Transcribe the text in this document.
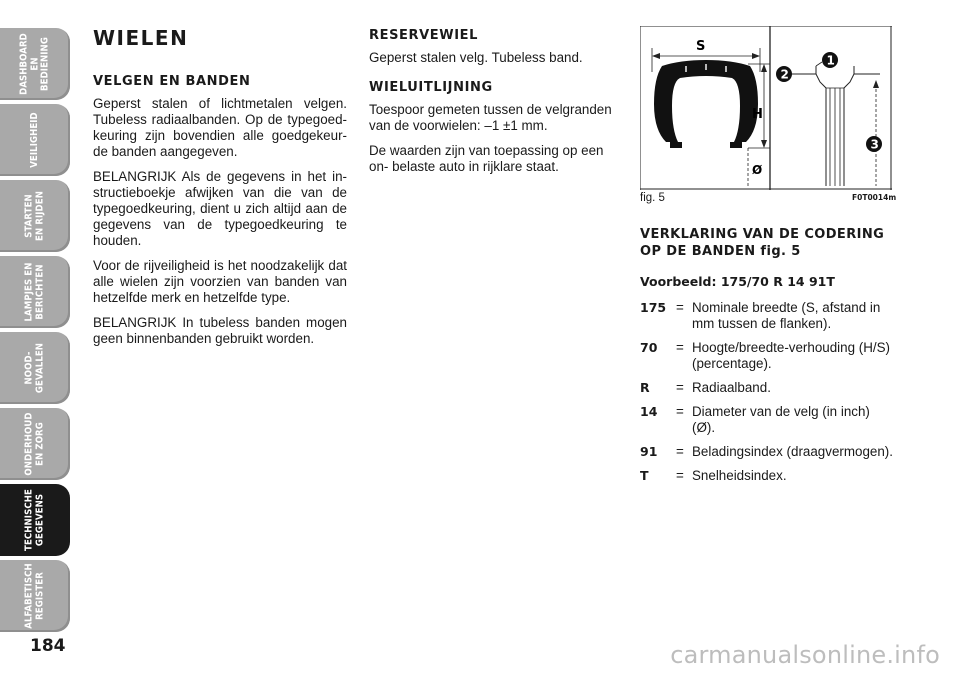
DASHBOARD
EN BEDIENING
VEILIGHEID
STARTEN
EN RIJDEN
LAMPJES EN
BERICHTEN
NOOD-
GEVALLEN
ONDERHOUD
EN ZORG
TECHNISCHE
GEGEVENS
ALFABETISCH
REGISTER
184
WIELEN
VELGEN EN BANDEN

Geperst stalen of lichtmetalen velgen. Tubeless radiaalbanden. Op de typegoed- keuring zijn bovendien alle goedgekeur- de banden aangegeven.

BELANGRIJK Als de gegevens in het in- structieboekje afwijken van die van de typegoedkeuring, dient u zich altijd aan de gegevens van de typegoedkeuring te houden.

Voor de rijveiligheid is het noodzakelijk dat alle wielen zijn voorzien van banden van hetzelfde merk en hetzelfde type.

BELANGRIJK In tubeless banden mogen geen binnenbanden gebruikt worden.

RESERVEWIEL

Geperst stalen velg. Tubeless band.

WIELUITLIJNING

Toespoor gemeten tussen de velgranden van de voorwielen: –1 ±1 mm.

De waarden zijn van toepassing op een on- belaste auto in rijklare staat.

S
H
Ø
1
2
3
fig. 5	F0T0014m
VERKLARING VAN DE CODERING OP DE BANDEN fig. 5

Voorbeeld: 175/70 R 14 91T

175 = Nominale breedte (S, afstand in mm tussen de flanken).
70	= Hoogte/breedte-verhouding (H/S) (percentage).
R	= Radiaalband.
14	= Diameter van de velg (in inch) (Ø).
91	= Beladingsindex (draagvermogen).
T	= Snelheidsindex.
carmanualsonline.info
